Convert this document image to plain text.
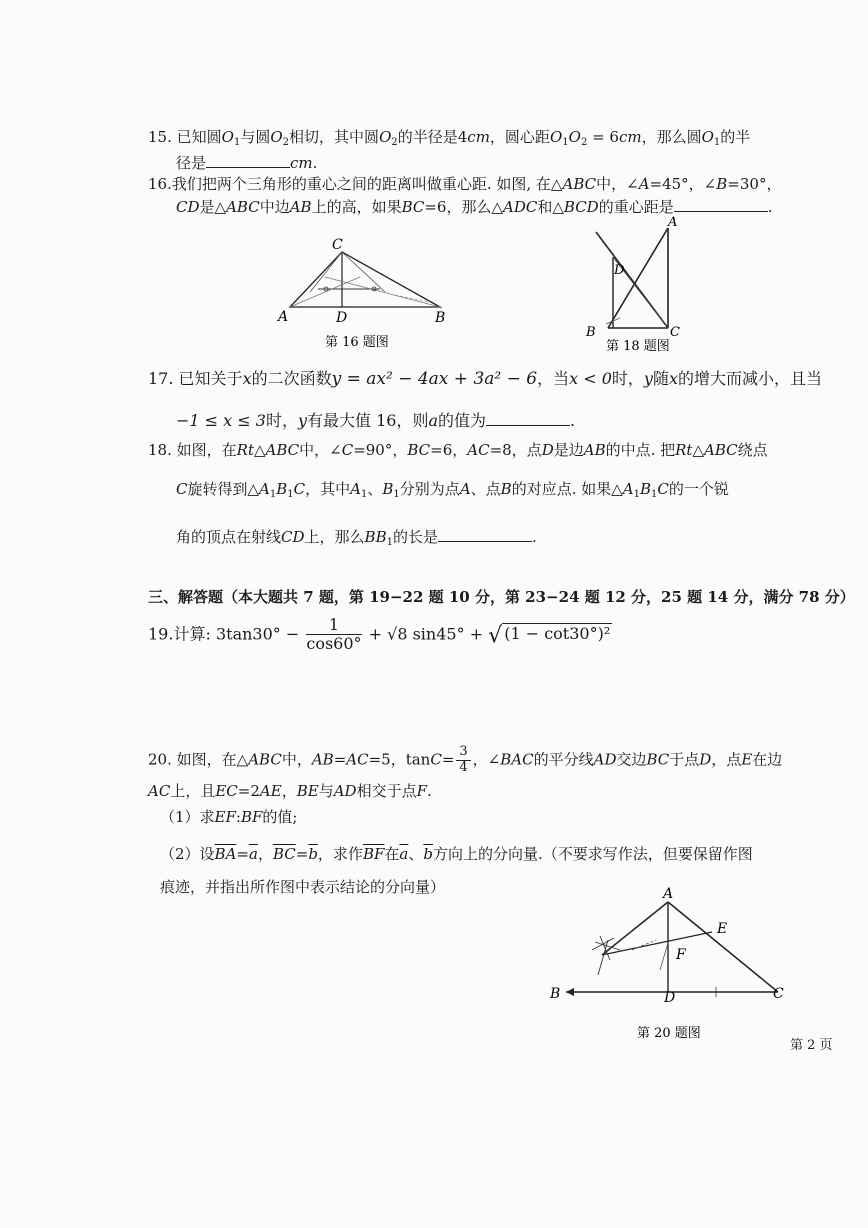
15. 已知圆$O_1$与圆$O_2$相切，其中圆$O_2$的半径是4cm，圆心距$O_1O_2 = 6cm$，那么圆$O_1$的半
径是	cm.
16.我们把两个三角形的重心之间的距离叫做重心距. 如图, 在△ABC中，∠A=45°，∠B=30°，
CD是△ABC中边AB上的高，如果BC=6，那么△ADC和△BCD的重心距是	.
C
A	D	B
第 16 题图
A
D
B	C
第 18 题图
17. 已知关于x的二次函数y = ax² − 4ax + 3a² − 6，当x < 0时，y随x的增大而减小，且当
−1 ≤ x ≤ 3时，y有最大值 16，则a的值为	.
18. 如图，在Rt△ABC中，∠C=90°，BC=6，AC=8，点D是边AB的中点. 把Rt△ABC绕点
C旋转得到$\triangle A_1B_1C$，其中$A_1$、$B_1$分别为点A、点B的对应点. 如果$\triangle A_1B_1C$的一个锐
角的顶点在射线CD上，那么$BB_1$的长是	.
三、解答题（本大题共 7 题，第 19−22 题 10 分，第 23−24 题 12 分，25 题 14 分，满分 78 分）
19.计算: $3\tan 30^\circ - \frac{1}{\cos 60^\circ} + √8$ sin45° + √ (1 − cot30°)²
20. 如图，在△ABC中，AB=AC=5，$\tan C= \frac{3}{4}$ ，∠BAC的平分线AD交边BC于点D，点E在边
AC上，且EC=2AE，BE与AD相交于点F.
（1）求EF:BF的值;
（2）设$\overline{BA}=\overline{a}$，$\overline{BC}=\overline{b}$，求作$\overline{BF}$在$\overline{a}$、$\overline{b}$方向上的分向量.（不要求写作法，但要保留作图
痕迹，并指出所作图中表示结论的分向量）	A
E
F
B	D	C
第 20 题图
第 2 页
